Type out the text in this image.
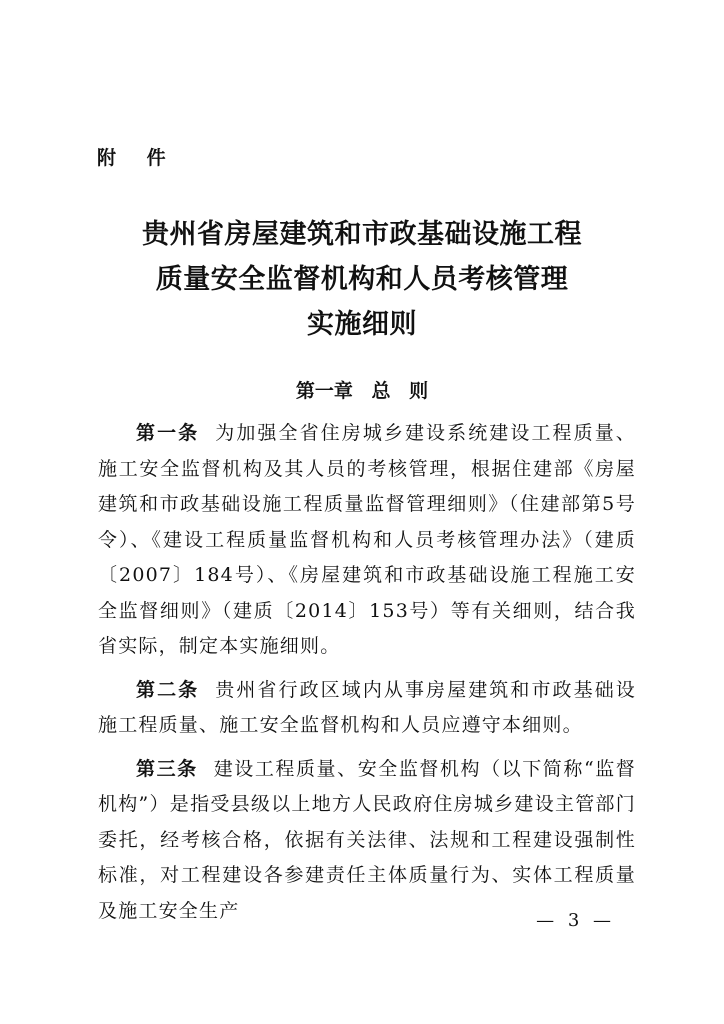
附 件
贵州省房屋建筑和市政基础设施工程
质量安全监督机构和人员考核管理
实施细则
第一章 总 则

第一条 为加强全省住房城乡建设系统建设工程质量、施工安全监督机构及其人员的考核管理，根据住建部《房屋建筑和市政基础设施工程质量监督管理细则》（住建部第5号令）、《建设工程质量监督机构和人员考核管理办法》（建质〔2007〕184号）、《房屋建筑和市政基础设施工程施工安全监督细则》（建质〔2014〕153号）等有关细则，结合我省实际，制定本实施细则。

第二条 贵州省行政区域内从事房屋建筑和市政基础设施工程质量、施工安全监督机构和人员应遵守本细则。

第三条 建设工程质量、安全监督机构（以下简称“监督机构”）是指受县级以上地方人民政府住房城乡建设主管部门委托，经考核合格，依据有关法律、法规和工程建设强制性标准，对工程建设各参建责任主体质量行为、实体工程质量及施工安全生产	— 3 —
